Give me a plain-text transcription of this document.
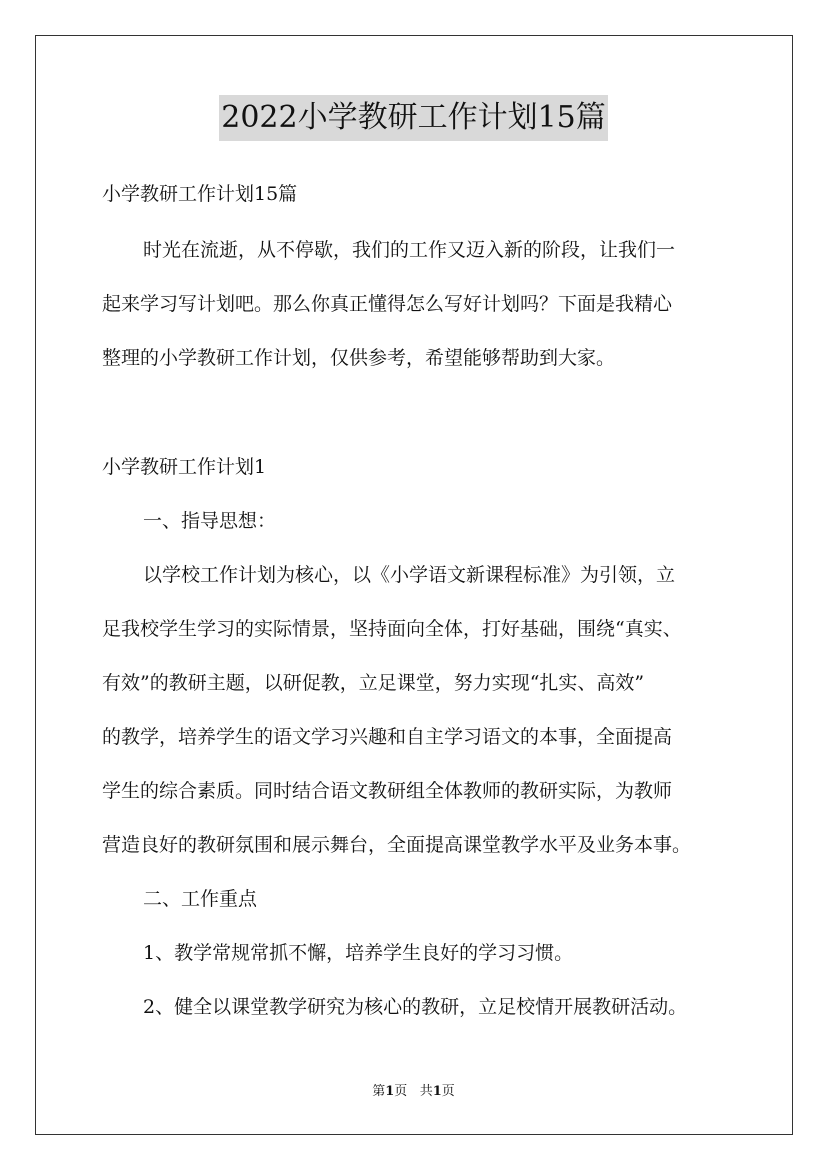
2022小学教研工作计划15篇
小学教研工作计划15篇
时光在流逝，从不停歇，我们的工作又迈入新的阶段，让我们一
起来学习写计划吧。那么你真正懂得怎么写好计划吗？下面是我精心
整理的小学教研工作计划，仅供参考，希望能够帮助到大家。
小学教研工作计划1
一、指导思想：
以学校工作计划为核心，以《小学语文新课程标准》为引领，立
足我校学生学习的实际情景，坚持面向全体，打好基础，围绕“真实、
有效”的教研主题，以研促教，立足课堂，努力实现“扎实、高效”
的教学，培养学生的语文学习兴趣和自主学习语文的本事，全面提高
学生的综合素质。同时结合语文教研组全体教师的教研实际，为教师
营造良好的教研氛围和展示舞台，全面提高课堂教学水平及业务本事。
二、工作重点
1、教学常规常抓不懈，培养学生良好的学习习惯。
2、健全以课堂教学研究为核心的教研，立足校情开展教研活动。
第1页 共1页
